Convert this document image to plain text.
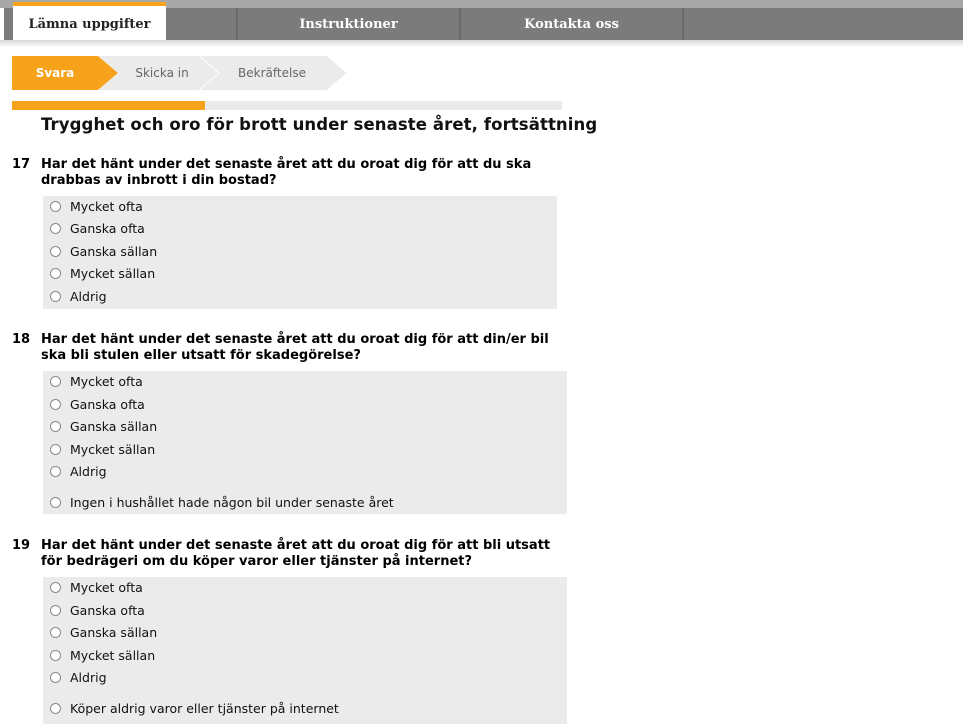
Lämna uppgifter	Instruktioner	Kontakta oss
Svara	Skicka in	Bekräftelse
Trygghet och oro för brott under senaste året, fortsättning
17 Har det hänt under det senaste året att du oroat dig för att du ska
drabbas av inbrott i din bostad?
Mycket ofta
Ganska ofta
Ganska sällan
Mycket sällan
Aldrig
18 Har det hänt under det senaste året att du oroat dig för att din/er bil
ska bli stulen eller utsatt för skadegörelse?
Mycket ofta
Ganska ofta
Ganska sällan
Mycket sällan
Aldrig
Ingen i hushållet hade någon bil under senaste året
19 Har det hänt under det senaste året att du oroat dig för att bli utsatt
för bedrägeri om du köper varor eller tjänster på internet?
Mycket ofta
Ganska ofta
Ganska sällan
Mycket sällan
Aldrig
Köper aldrig varor eller tjänster på internet
